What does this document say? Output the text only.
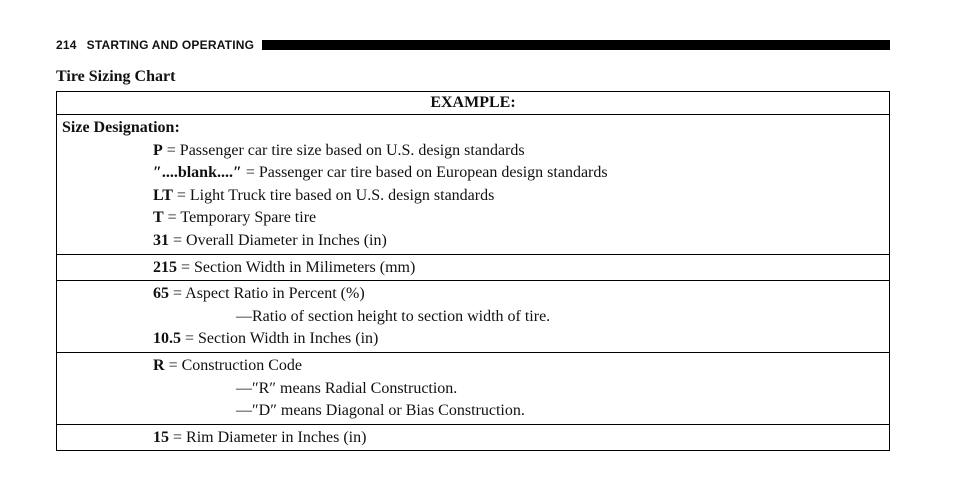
214 STARTING AND OPERATING
Tire Sizing Chart
EXAMPLE:
Size Designation:
P = Passenger car tire size based on U.S. design standards
″....blank....″ = Passenger car tire based on European design standards
LT = Light Truck tire based on U.S. design standards
T = Temporary Spare tire
31 = Overall Diameter in Inches (in)
215 = Section Width in Milimeters (mm)
65 = Aspect Ratio in Percent (%)
—Ratio of section height to section width of tire.
10.5 = Section Width in Inches (in)
R = Construction Code
—″R″ means Radial Construction.
—″D″ means Diagonal or Bias Construction.
15 = Rim Diameter in Inches (in)
